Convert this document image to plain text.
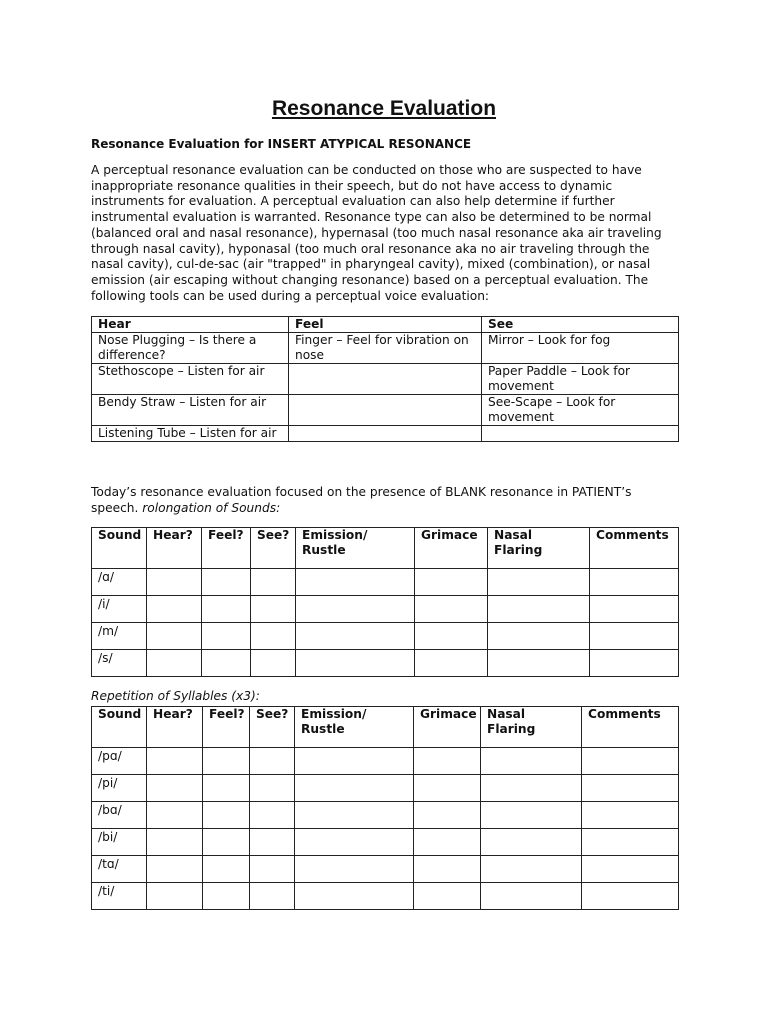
Resonance Evaluation
Resonance Evaluation for INSERT ATYPICAL RESONANCE

A perceptual resonance evaluation can be conducted on those who are suspected to have inappropriate resonance qualities in their speech, but do not have access to dynamic instruments for evaluation. A perceptual evaluation can also help determine if further instrumental evaluation is warranted. Resonance type can also be determined to be normal (balanced oral and nasal resonance), hypernasal (too much nasal resonance aka air traveling through nasal cavity), hyponasal (too much oral resonance aka no air traveling through the nasal cavity), cul-de-sac (air "trapped" in pharyngeal cavity), mixed (combination), or nasal emission (air escaping without changing resonance) based on a perceptual evaluation. The following tools can be used during a perceptual voice evaluation:

Hear	Feel	See
Nose Plugging – Is there a difference?	Finger – Feel for vibration on nose	Mirror – Look for fog
Stethoscope – Listen for air		Paper Paddle – Look for movement
Bendy Straw – Listen for air		See-Scape – Look for movement
Listening Tube – Listen for air		

Today’s resonance evaluation focused on the presence of BLANK resonance in PATIENT’s speech. rolongation of Sounds:

Sound	Hear?	Feel?	See?	Emission/ Rustle	Grimace	Nasal Flaring	Comments
/ɑ/							
/i/							
/m/							
/s/							
Repetition of Syllables (x3):
Sound	Hear?	Feel?	See?	Emission/ Rustle	Grimace	Nasal Flaring	Comments
/pɑ/							
/pi/							
/bɑ/							
/bi/							
/tɑ/							
/ti/							
